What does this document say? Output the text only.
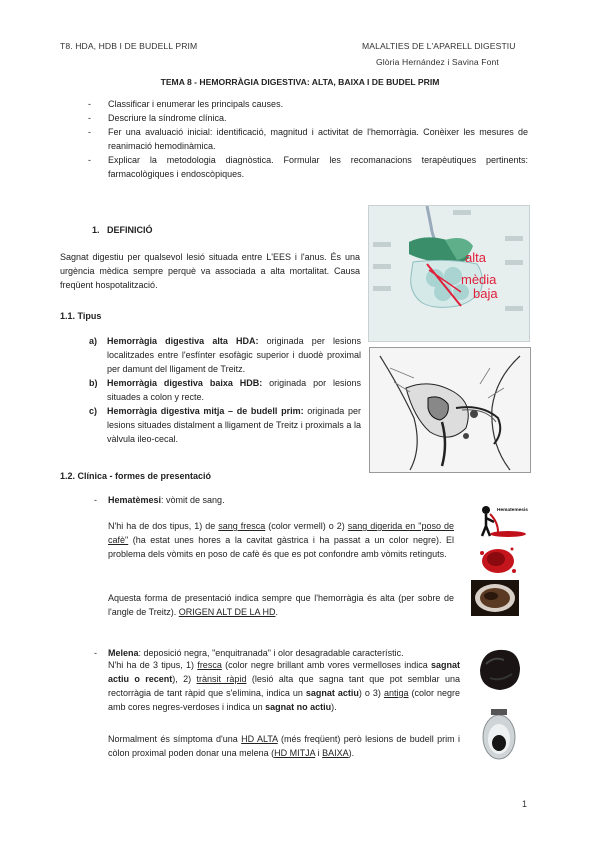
T8. HDA, HDB I DE BUDELL PRIM	MALALTIES DE L'APARELL DIGESTIU
Glòria Hernández i Savina Font
TEMA 8 - HEMORRÀGIA DIGESTIVA: ALTA, BAIXA I DE BUDEL PRIM
- Classificar i enumerar les principals causes.
- Descriure la síndrome clínica.
- Fer una avaluació inicial: identificació, magnitud i activitat de l'hemorràgia. Conèixer les mesures de reanimació hemodinàmica.
- Explicar la metodologia diagnòstica. Formular les recomanacions terapèutiques pertinents: farmacològiques i endoscòpiques.
1.   DEFINICIÓ

Sagnat digestiu per qualsevol lesió situada entre L'EES i l'anus. És una urgència mèdica sempre perquè va associada a alta mortalitat. Causa freqüent hospotalització.

1.1. Tipus
a) Hemorràgia digestiva alta HDA: originada per lesions localitzades entre l'esfínter esofàgic superior i duodè proximal per damunt del lligament de Treitz.
b) Hemorràgia digestiva baixa HDB: originada por lesions situades a colon y recte.
c) Hemorràgia digestiva mitja – de budell prim: originada per lesions situades distalment a lligament de Treitz i proximals a la vàlvula ileo-cecal.
1.2. Clínica - formes de presentació
- Hematèmesi: vòmit de sang.

N'hi ha de dos tipus, 1) de sang fresca (color vermell) o 2) sang digerida en "poso de cafè" (ha estat unes hores a la cavitat gàstrica i ha passat a un color negre). El problema dels vòmits en poso de cafè és que es pot confondre amb vòmits retinguts.

Aquesta forma de presentació indica sempre que l'hemorràgia és alta (per sobre de l'angle de Treitz). ORIGEN ALT DE LA HD.

- Melena: deposició negra, "enquitranada" i olor desagradable característic.

N'hi ha de 3 tipus, 1) fresca (color negre brillant amb vores vermelloses indica sagnat actiu o recent), 2) trànsit ràpid (lesió alta que sagna tant que pot semblar una rectorràgia de tant ràpid que s'elimina, indica un sagnat actiu) o 3) antiga (color negre amb cores negres-verdoses i indica un sagnat no actiu).

Normalment és símptoma d'una HD ALTA (més freqüent) però lesions de budell prim i còlon proximal poden donar una melena (HD MITJA i BAIXA).

alta
mèdia
baja
Hematemesis
1
